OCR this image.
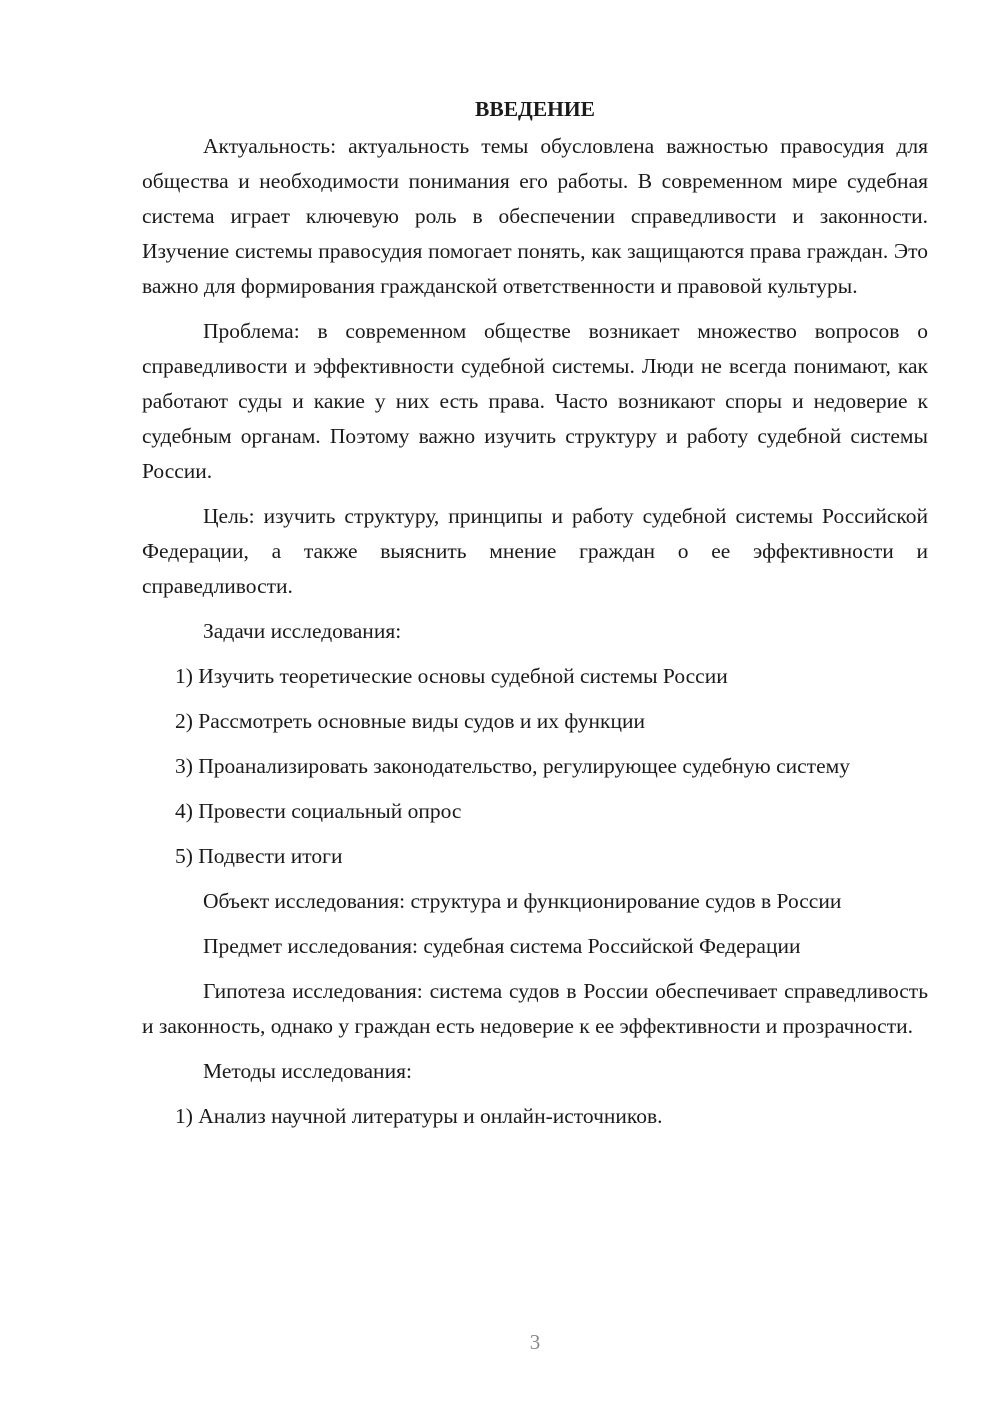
ВВЕДЕНИЕ

Актуальность: актуальность темы обусловлена важностью правосудия для общества и необходимости понимания его работы. В современном мире судебная система играет ключевую роль в обеспечении справедливости и законности. Изучение системы правосудия помогает понять, как защищаются права граждан. Это важно для формирования гражданской ответственности и правовой культуры.

Проблема: в современном обществе возникает множество вопросов о справедливости и эффективности судебной системы. Люди не всегда понимают, как работают суды и какие у них есть права. Часто возникают споры и недоверие к судебным органам. Поэтому важно изучить структуру и работу судебной системы России.

Цель: изучить структуру, принципы и работу судебной системы Российской Федерации, а также выяснить мнение граждан о ее эффективности и справедливости.

Задачи исследования:

1) Изучить теоретические основы судебной системы России

2) Рассмотреть основные виды судов и их функции

3) Проанализировать законодательство, регулирующее судебную систему

4) Провести социальный опрос

5) Подвести итоги

Объект исследования: структура и функционирование судов в России

Предмет исследования: судебная система Российской Федерации

Гипотеза исследования: система судов в России обеспечивает справедливость и законность, однако у граждан есть недоверие к ее эффективности и прозрачности.

Методы исследования:

1) Анализ научной литературы и онлайн-источников.

3
